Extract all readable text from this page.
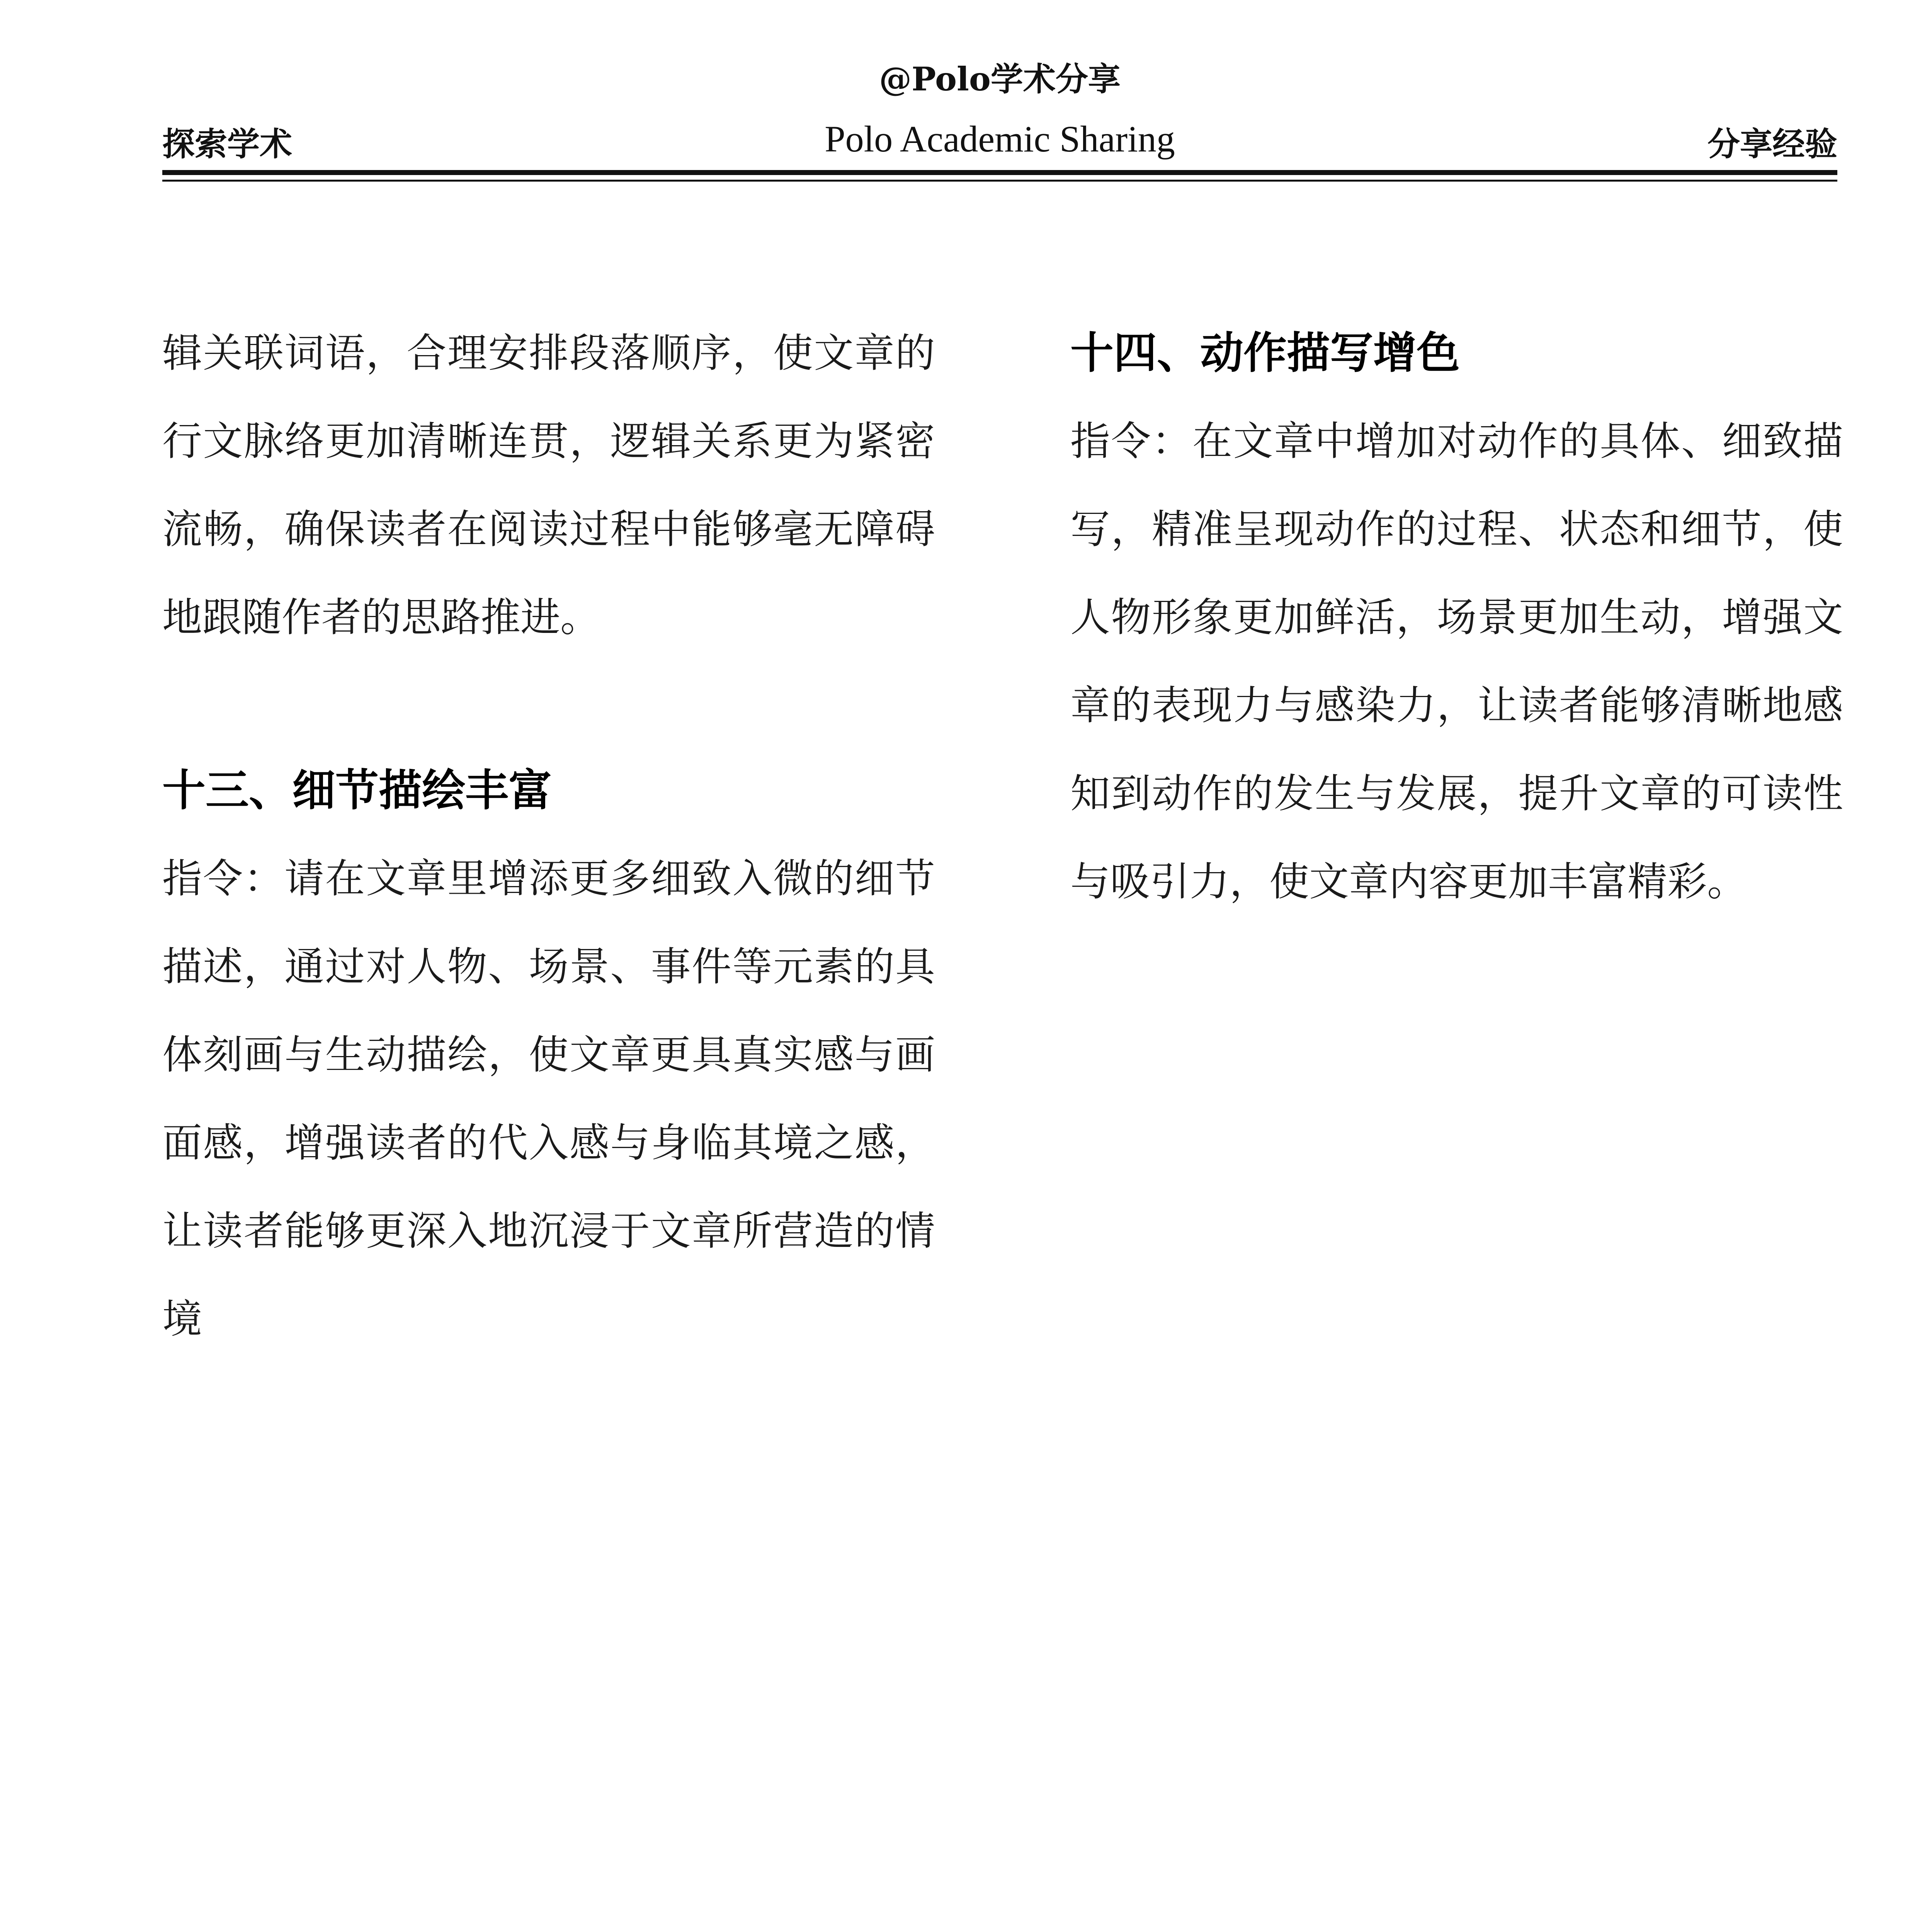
@Polo学术分享
探索学术	Polo Academic Sharing	分享经验

辑关联词语，合理安排段落顺序，使文章的行文脉络更加清晰连贯，逻辑关系更为紧密流畅，确保读者在阅读过程中能够毫无障碍地跟随作者的思路推进。

十三、细节描绘丰富

指令：请在文章里增添更多细致入微的细节描述，通过对人物、场景、事件等元素的具体刻画与生动描绘，使文章更具真实感与画面感，增强读者的代入感与身临其境之感，让读者能够更深入地沉浸于文章所营造的情境

十四、动作描写增色

指令：在文章中增加对动作的具体、细致描写，精准呈现动作的过程、状态和细节，使人物形象更加鲜活，场景更加生动，增强文章的表现力与感染力，让读者能够清晰地感知到动作的发生与发展，提升文章的可读性与吸引力，使文章内容更加丰富精彩。
